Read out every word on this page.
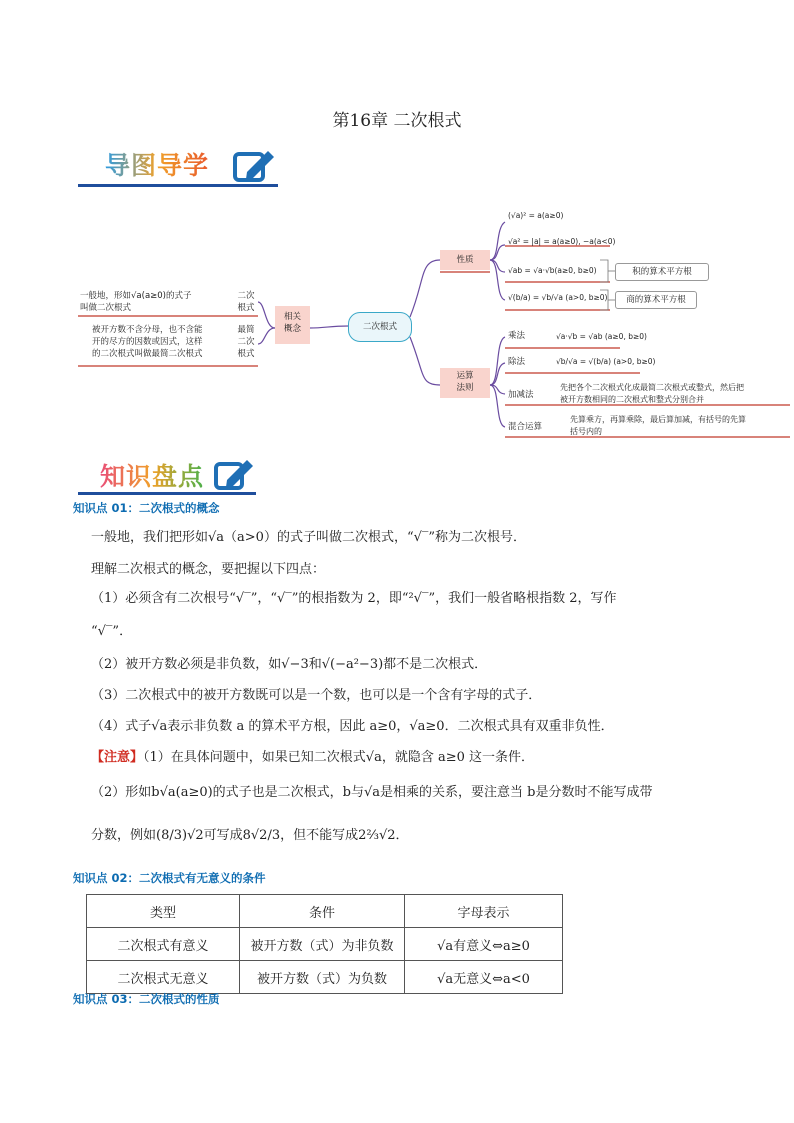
第16章 二次根式
导图导学
二次根式
相关
概念
一般地，形如√a(a≥0)的式子
叫做二次根式
二次
根式
被开方数不含分母，也不含能
开的尽方的因数或因式，这样
的二次根式叫做最简二次根式
最简
二次
根式
性质
(√a)² = a(a≥0)
√a² = |a| = a(a≥0), −a(a<0)
√ab = √a·√b(a≥0, b≥0)
√(b/a) = √b/√a (a>0, b≥0)
积的算术平方根
商的算术平方根
运算
法则
乘法
除法
加减法
混合运算
√a·√b = √ab (a≥0, b≥0)
√b/√a = √(b/a) (a>0, b≥0)
先把各个二次根式化成最简二次根式或整式，然后把
被开方数相同的二次根式和整式分别合并
先算乘方，再算乘除，最后算加减，有括号的先算
括号内的
知识盘点
知识点 01：二次根式的概念
一般地，我们把形如√a（a>0）的式子叫做二次根式，“√‾”称为二次根号．
理解二次根式的概念，要把握以下四点：
（1）必须含有二次根号“√‾”，“√‾”的根指数为 2，即“²√‾”，我们一般省略根指数 2，写作
“√‾”．
（2）被开方数必须是非负数，如√−3和√(−a²−3)都不是二次根式．
（3）二次根式中的被开方数既可以是一个数，也可以是一个含有字母的式子．
（4）式子√a表示非负数 a 的算术平方根，因此 a≥0，√a≥0．二次根式具有双重非负性．
【注意】（1）在具体问题中，如果已知二次根式√a，就隐含 a≥0 这一条件．
（2）形如b√a(a≥0)的式子也是二次根式，b与√a是相乘的关系，要注意当 b是分数时不能写成带
分数，例如(8/3)√2可写成8√2/3，但不能写成2⅔√2．
知识点 02：二次根式有无意义的条件
类型	条件	字母表示
二次根式有意义	被开方数（式）为非负数	√a有意义⇔a≥0
二次根式无意义	被开方数（式）为负数	√a无意义⇔a<0
知识点 03：二次根式的性质
